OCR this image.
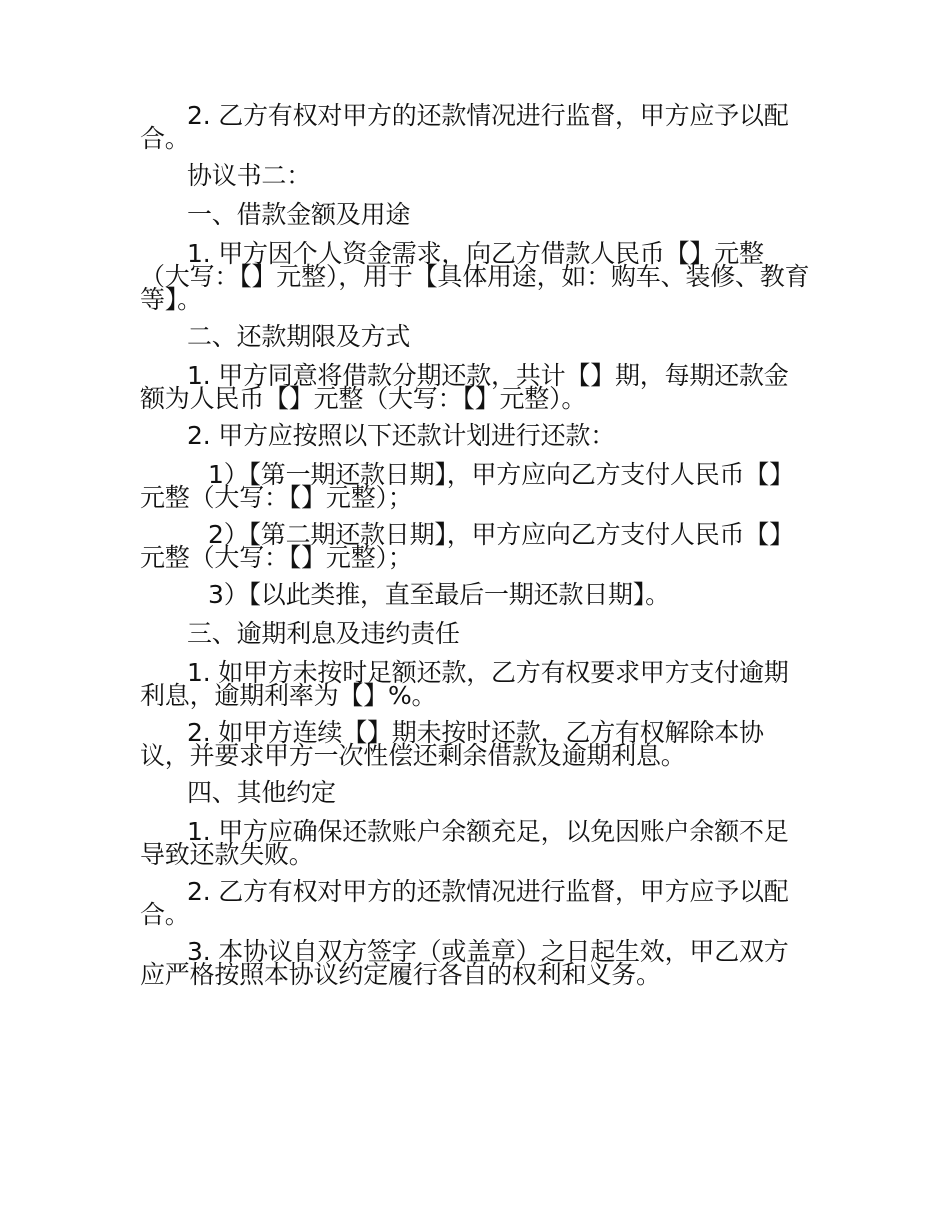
2. 乙方有权对甲方的还款情况进行监督，甲方应予以配合。

协议书二：

一、借款金额及用途

1. 甲方因个人资金需求，向乙方借款人民币【】元整（大写：【】元整），用于【具体用途，如：购车、装修、教育等】。

二、还款期限及方式

1. 甲方同意将借款分期还款，共计【】期，每期还款金额为人民币【】元整（大写：【】元整）。

2. 甲方应按照以下还款计划进行还款：

1）【第一期还款日期】，甲方应向乙方支付人民币【】元整（大写：【】元整）；

2）【第二期还款日期】，甲方应向乙方支付人民币【】元整（大写：【】元整）；

3）【以此类推，直至最后一期还款日期】。

三、逾期利息及违约责任

1. 如甲方未按时足额还款，乙方有权要求甲方支付逾期利息，逾期利率为【】%。

2. 如甲方连续【】期未按时还款，乙方有权解除本协议，并要求甲方一次性偿还剩余借款及逾期利息。

四、其他约定

1. 甲方应确保还款账户余额充足，以免因账户余额不足导致还款失败。

2. 乙方有权对甲方的还款情况进行监督，甲方应予以配合。

3. 本协议自双方签字（或盖章）之日起生效，甲乙双方应严格按照本协议约定履行各自的权利和义务。
